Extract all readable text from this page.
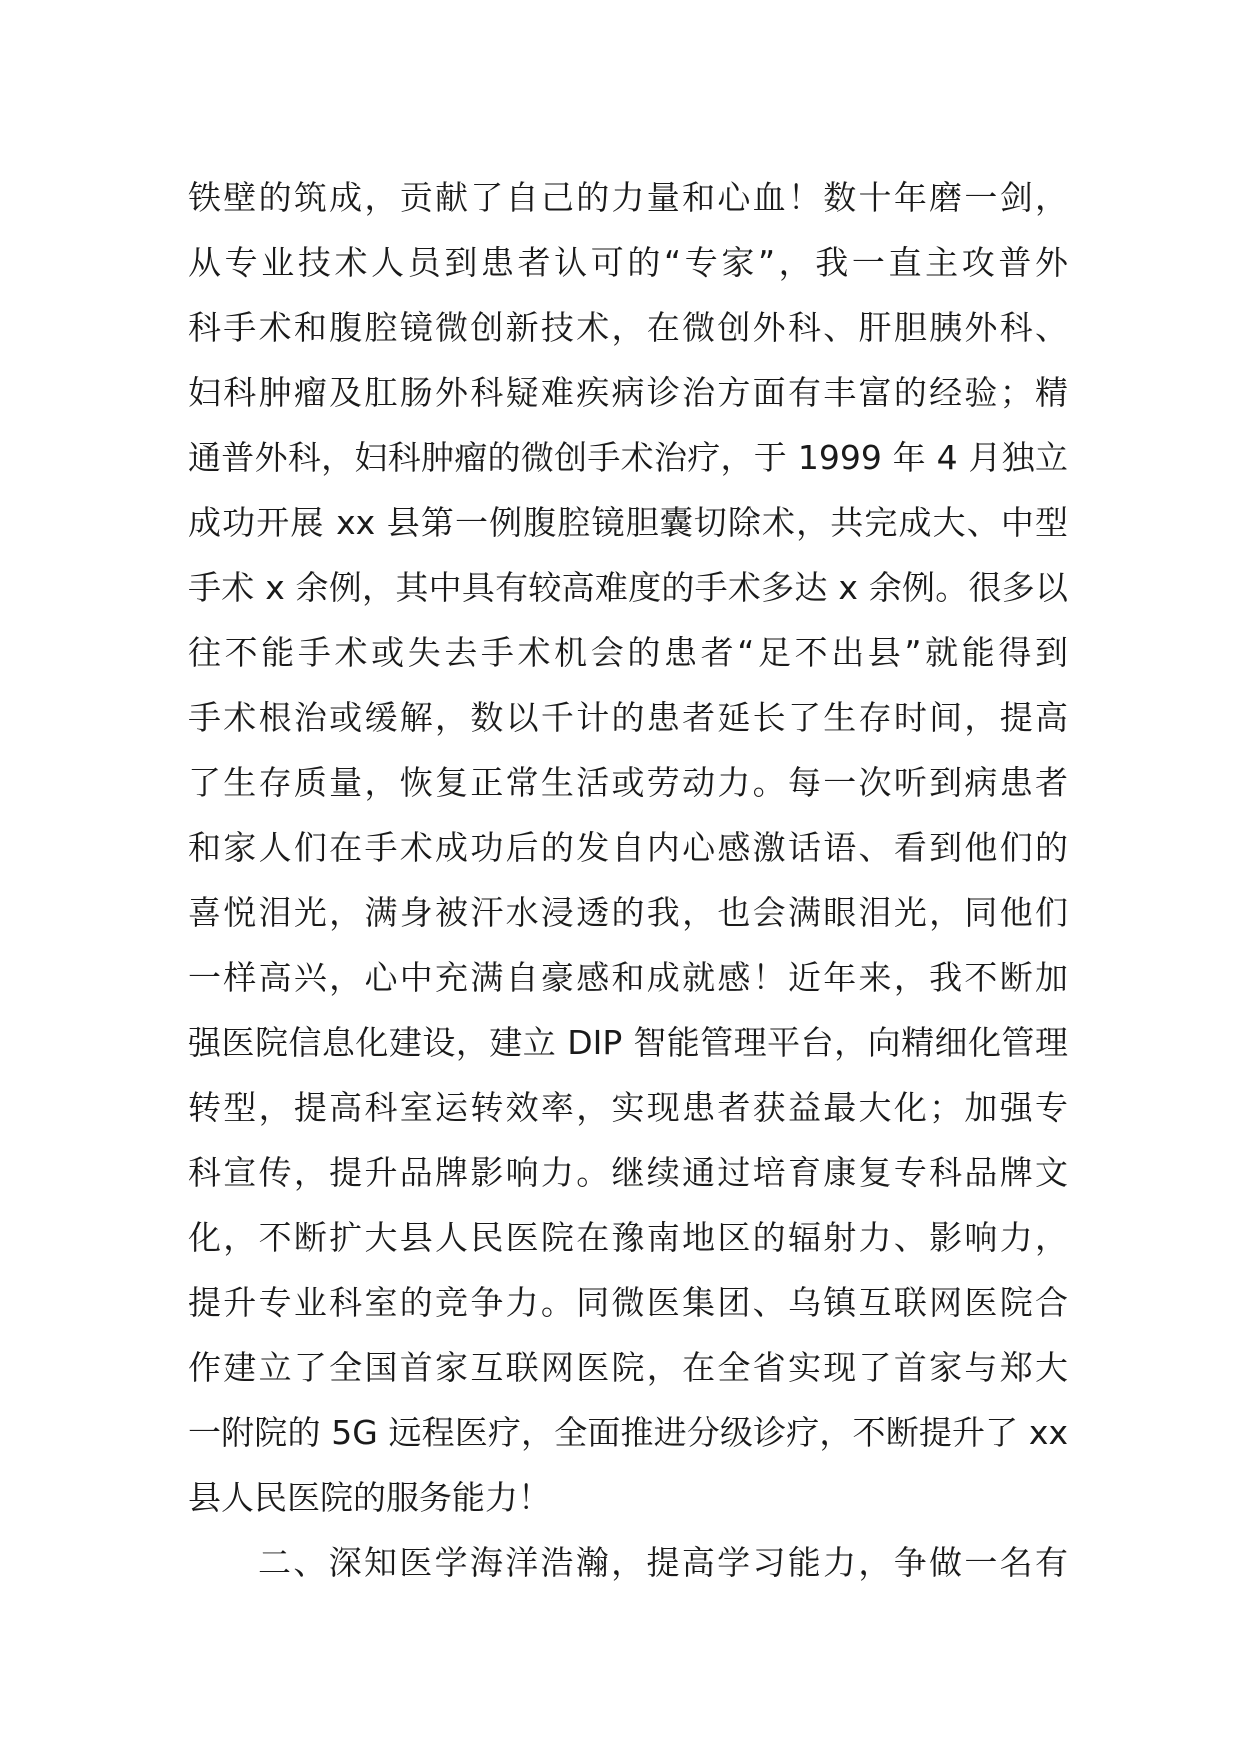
铁壁的筑成，贡献了自己的力量和心血！数十年磨一剑，
从专业技术人员到患者认可的“专家”，我一直主攻普外
科手术和腹腔镜微创新技术，在微创外科、肝胆胰外科、
妇科肿瘤及肛肠外科疑难疾病诊治方面有丰富的经验；精
通普外科，妇科肿瘤的微创手术治疗，于 1999 年 4 月独立
成功开展 xx 县第一例腹腔镜胆囊切除术，共完成大、中型
手术 x 余例，其中具有较高难度的手术多达 x 余例。很多以
往不能手术或失去手术机会的患者“足不出县”就能得到
手术根治或缓解，数以千计的患者延长了生存时间，提高
了生存质量，恢复正常生活或劳动力。每一次听到病患者
和家人们在手术成功后的发自内心感激话语、看到他们的
喜悦泪光，满身被汗水浸透的我，也会满眼泪光，同他们
一样高兴，心中充满自豪感和成就感！近年来，我不断加
强医院信息化建设，建立 DIP 智能管理平台，向精细化管理
转型，提高科室运转效率，实现患者获益最大化；加强专
科宣传，提升品牌影响力。继续通过培育康复专科品牌文
化，不断扩大县人民医院在豫南地区的辐射力、影响力，
提升专业科室的竞争力。同微医集团、乌镇互联网医院合
作建立了全国首家互联网医院，在全省实现了首家与郑大
一附院的 5G 远程医疗，全面推进分级诊疗，不断提升了 xx
县人民医院的服务能力！
二、深知医学海洋浩瀚，提高学习能力，争做一名有
